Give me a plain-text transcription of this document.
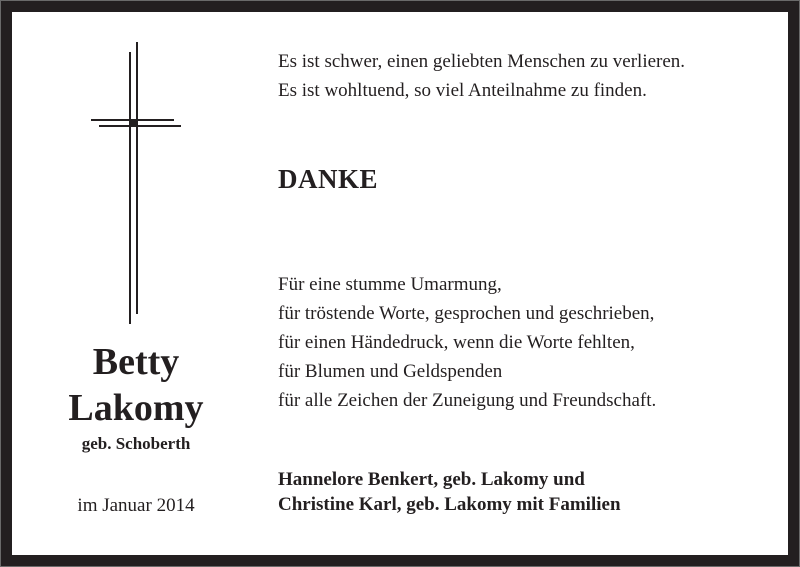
Betty
Lakomy
geb. Schoberth
im Januar 2014
Es ist schwer, einen geliebten Menschen zu verlieren.
Es ist wohltuend, so viel Anteilnahme zu finden.
DANKE
Für eine stumme Umarmung,
für tröstende Worte, gesprochen und geschrieben,
für einen Händedruck, wenn die Worte fehlten,
für Blumen und Geldspenden
für alle Zeichen der Zuneigung und Freundschaft.
Hannelore Benkert, geb. Lakomy und
Christine Karl, geb. Lakomy mit Familien
